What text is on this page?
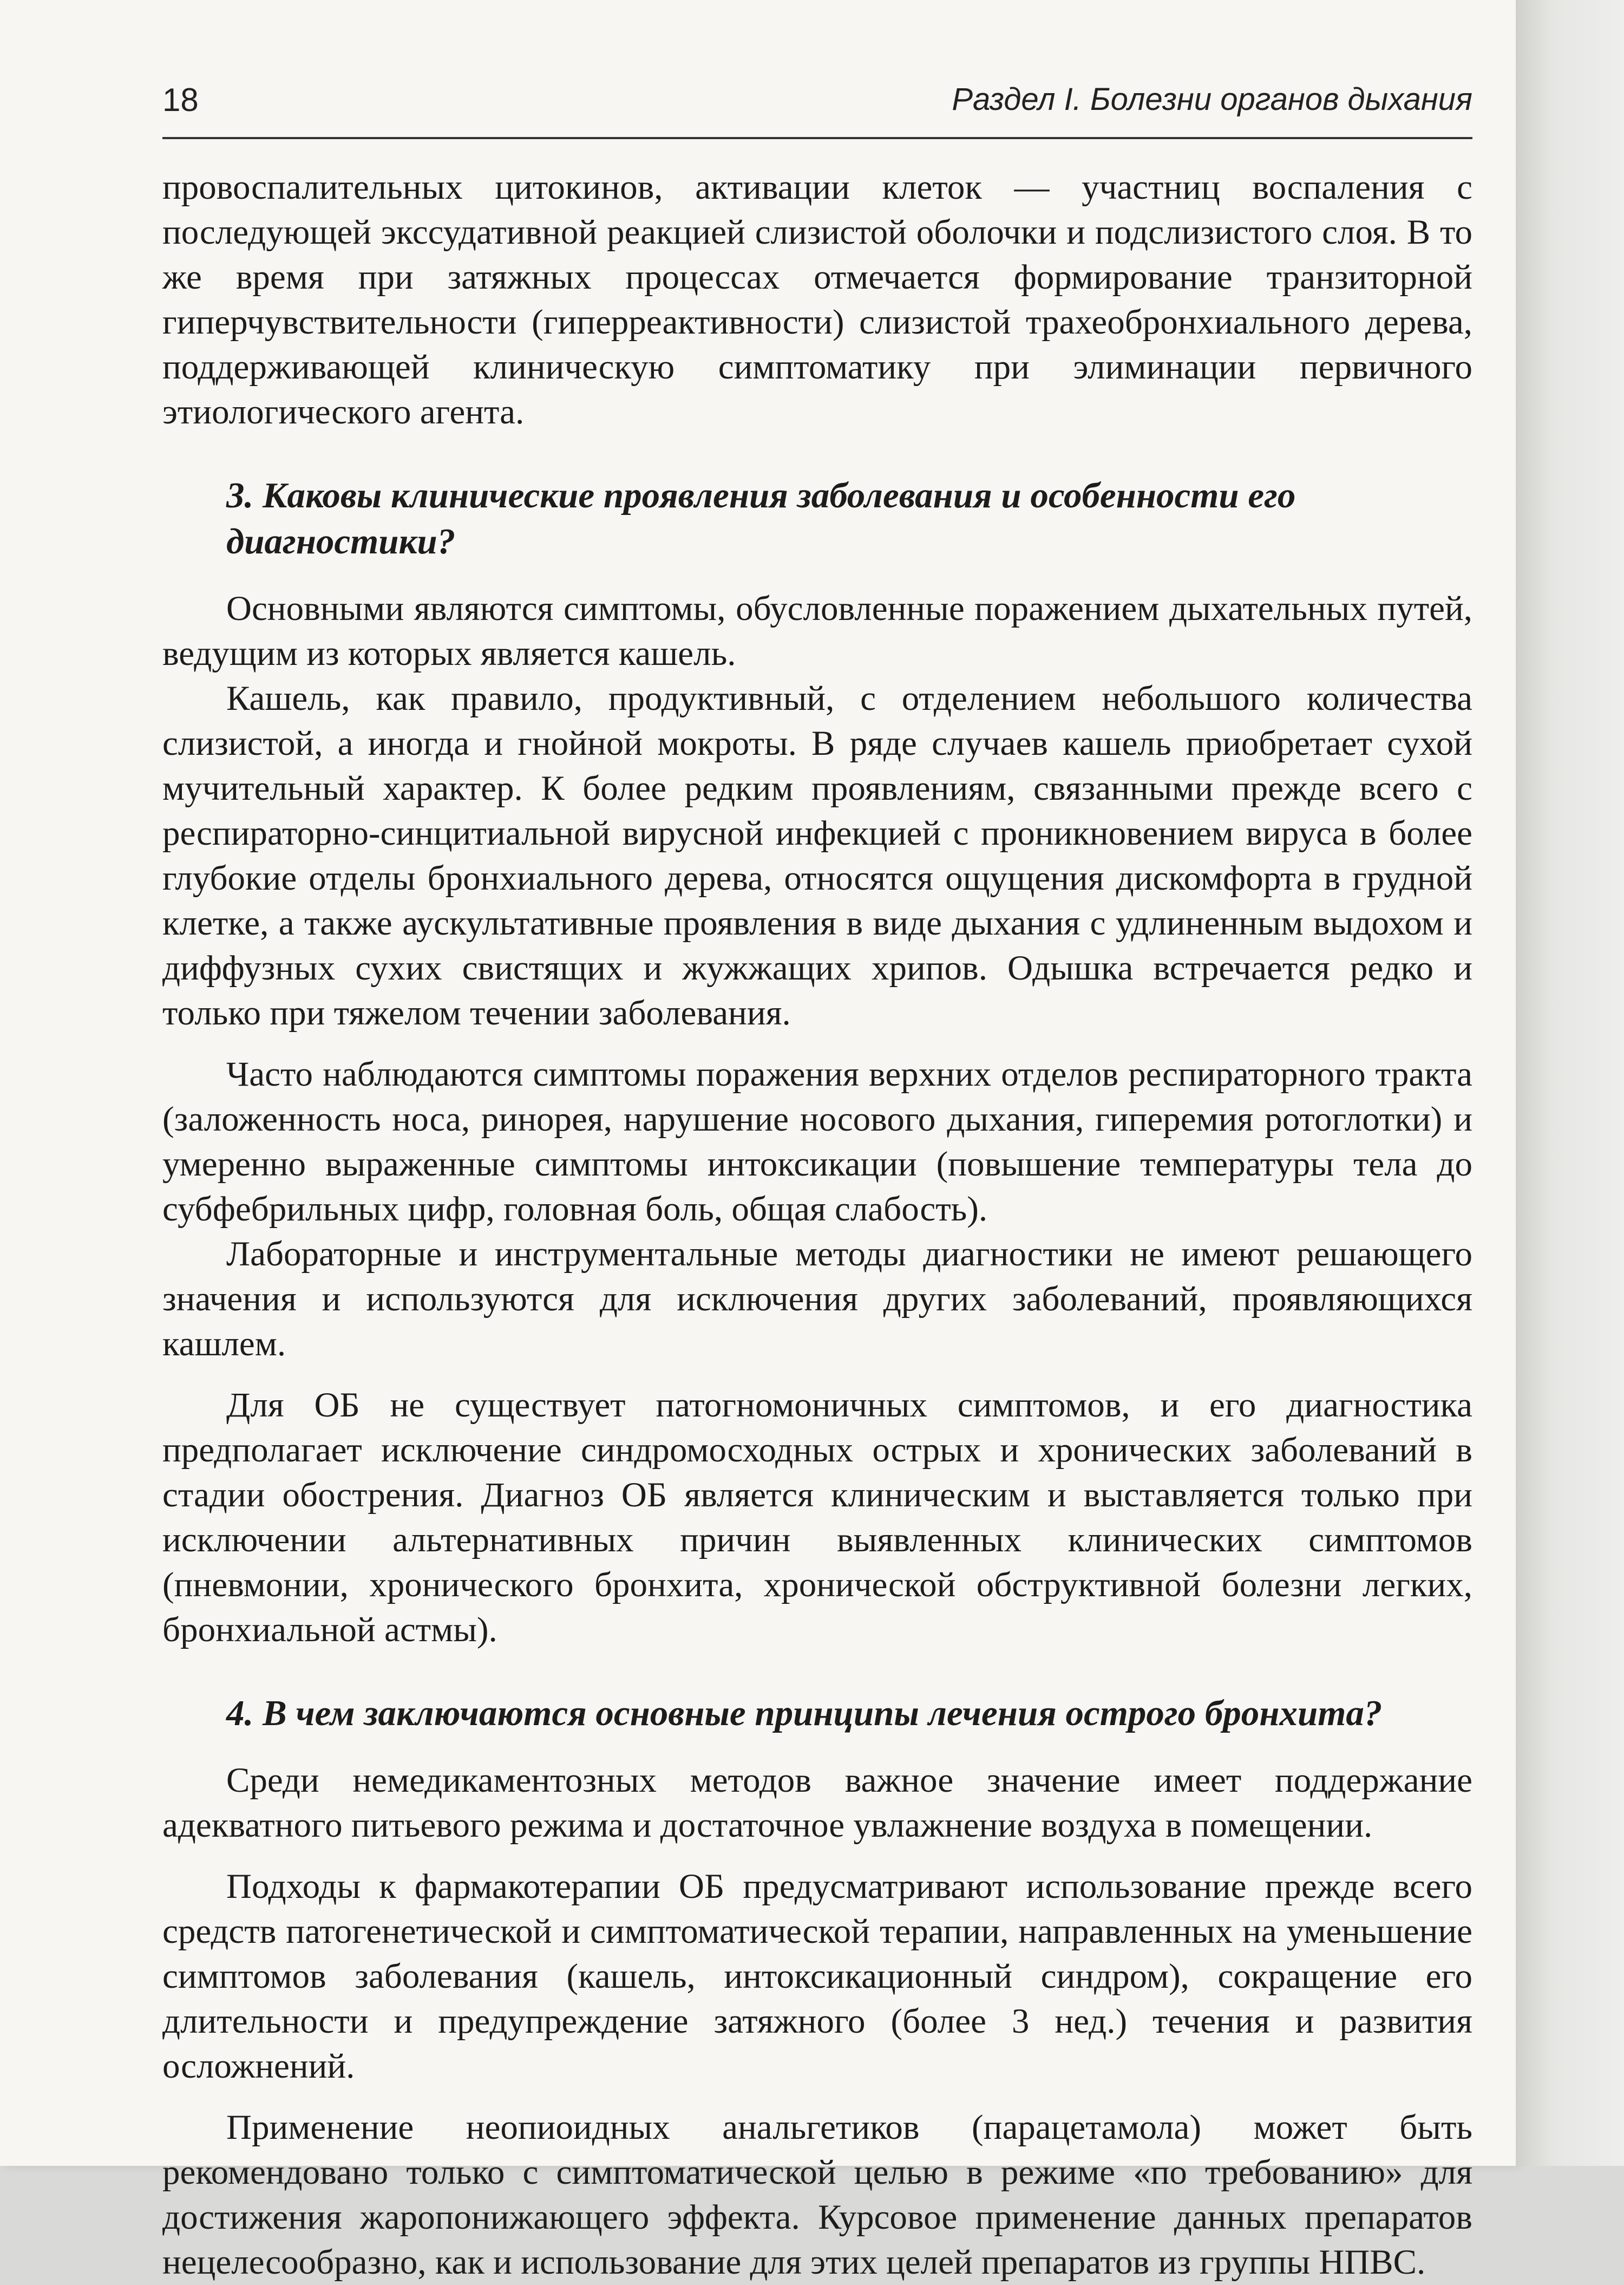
18	Раздел I. Болезни органов дыхания

провоспалительных цитокинов, активации клеток — участниц воспаления с последующей экссудативной реакцией слизистой оболочки и подслизистого слоя. В то же время при затяжных процессах отмечается формирование транзиторной гиперчувствительности (гиперреактивности) слизистой трахеобронхиального дерева, поддерживающей клиническую симптоматику при элиминации первичного этиологического агента.

3. Каковы клинические проявления заболевания и особенности его диагностики?

Основными являются симптомы, обусловленные поражением дыхательных путей, ведущим из которых является кашель.

Кашель, как правило, продуктивный, с отделением небольшого количества слизистой, а иногда и гнойной мокроты. В ряде случаев кашель приобретает сухой мучительный характер. К более редким проявлениям, связанными прежде всего с респираторно-синцитиальной вирусной инфекцией с проникновением вируса в более глубокие отделы бронхиального дерева, относятся ощущения дискомфорта в грудной клетке, а также аускультативные проявления в виде дыхания с удлиненным выдохом и диффузных сухих свистящих и жужжащих хрипов. Одышка встречается редко и только при тяжелом течении заболевания.

Часто наблюдаются симптомы поражения верхних отделов респираторного тракта (заложенность носа, ринорея, нарушение носового дыхания, гиперемия ротоглотки) и умеренно выраженные симптомы интоксикации (повышение температуры тела до субфебрильных цифр, головная боль, общая слабость).

Лабораторные и инструментальные методы диагностики не имеют решающего значения и используются для исключения других заболеваний, проявляющихся кашлем.

Для ОБ не существует патогномоничных симптомов, и его диагностика предполагает исключение синдромосходных острых и хронических заболеваний в стадии обострения. Диагноз ОБ является клиническим и выставляется только при исключении альтернативных причин выявленных клинических симптомов (пневмонии, хронического бронхита, хронической обструктивной болезни легких, бронхиальной астмы).

4. В чем заключаются основные принципы лечения острого бронхита?

Среди немедикаментозных методов важное значение имеет поддержание адекватного питьевого режима и достаточное увлажнение воздуха в помещении.

Подходы к фармакотерапии ОБ предусматривают использование прежде всего средств патогенетической и симптоматической терапии, направленных на уменьшение симптомов заболевания (кашель, интоксикационный синдром), сокращение его длительности и предупреждение затяжного (более 3 нед.) течения и развития осложнений.

Применение неопиоидных анальгетиков (парацетамола) может быть рекомендовано только с симптоматической целью в режиме «по требованию» для достижения жаропонижающего эффекта. Курсовое применение данных препаратов нецелесообразно, как и использование для этих целей препаратов из группы НПВС.
